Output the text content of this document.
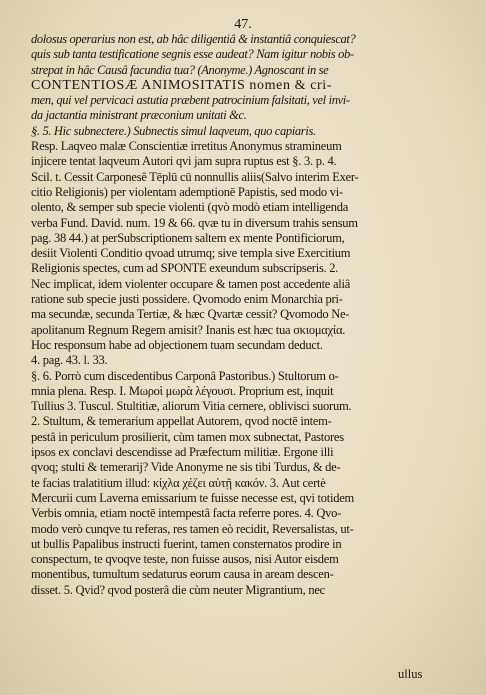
47.
dolosus operarius non est, ab hâc diligentiâ & instantiâ conquiescat?
quis sub tanta testificatione segnis esse audeat? Nam igitur nobis ob-
strepat in hâc Causâ facundia tua? (Anonyme.) Agnoscant in se
CONTENTIOSÆ ANIMOSITATIS nomen & cri-
men, qui vel pervicaci astutia præbent patrocinium falsitati, vel invi-
da jactantia ministrant præconium unitati &c.
§. 5. Hic subnectere.) Subnectis simul laqveum, quo capiaris.
Resp. Laqveo malæ Conscientiæ irretitus Anonymus stramineum
injicere tentat laqveum Autori qvi jam supra ruptus est §. 3. p. 4.
Scil. t. Cessit Carponesê Tēplū cū nonnullis aliis(Salvo interim Exer-
citio Religionis) per violentam ademptionē Papistis, sed modo vi-
olento, & semper sub specie violenti (qvò modò etiam intelligenda
verba Fund. David. num. 19 & 66. qvæ tu in diversum trahis sensum
pag. 38 44.) at perSubscriptionem saltem ex mente Pontificiorum,
desiit Violenti Conditio qvoad utrumq; sive templa sive Exercitium
Religionis spectes, cum ad SPONTE exeundum subscripseris. 2.
Nec implicat, idem violenter occupare & tamen post accedente aliâ
ratione sub specie justi possidere. Qvomodo enim Monarchia pri-
ma secundæ, secunda Tertiæ, & hæc Qvartæ cessit? Qvomodo Ne-
apolitanum Regnum Regem amisit? Inanis est hæc tua σκιομαχία.
Hoc responsum habe ad objectionem tuam secundam deduct.
4. pag. 43. l. 33.
§. 6. Porrò cum discedentibus Carponâ Pastoribus.) Stultorum o-
mnia plena. Resp. I. Μωροὶ μωρὰ λέγουσι. Proprium est, inquit
Tullius 3. Tuscul. Stultitiæ, aliorum Vitia cernere, oblivisci suorum.
2. Stultum, & temerarium appellat Autorem, qvod noctē intem-
pestâ in periculum prosilierit, cùm tamen mox subnectat, Pastores
ipsos ex conclavi descendisse ad Præfectum militiæ. Ergone illi
qvoq; stulti & temerarij? Vide Anonyme ne sis tibi Turdus, & de-
te facias tralatitium illud: κίχλα χέζει αὑτῇ κακόν. 3. Aut certè
Mercurii cum Laverna emissarium te fuisse necesse est, qvi totidem
Verbis omnia, etiam noctē intempestâ facta referre pores. 4. Qvo-
modo verò cunqve tu referas, res tamen eò recidit, Reversalistas, ut-
ut bullis Papalibus instructi fuerint, tamen consternatos prodire in
conspectum, te qvoqve teste, non fuisse ausos, nisi Autor eisdem
monentibus, tumultum sedaturus eorum causa in aream descen-
disset. 5. Qvid? qvod posterâ die cùm neuter Migrantium, nec
ullus
